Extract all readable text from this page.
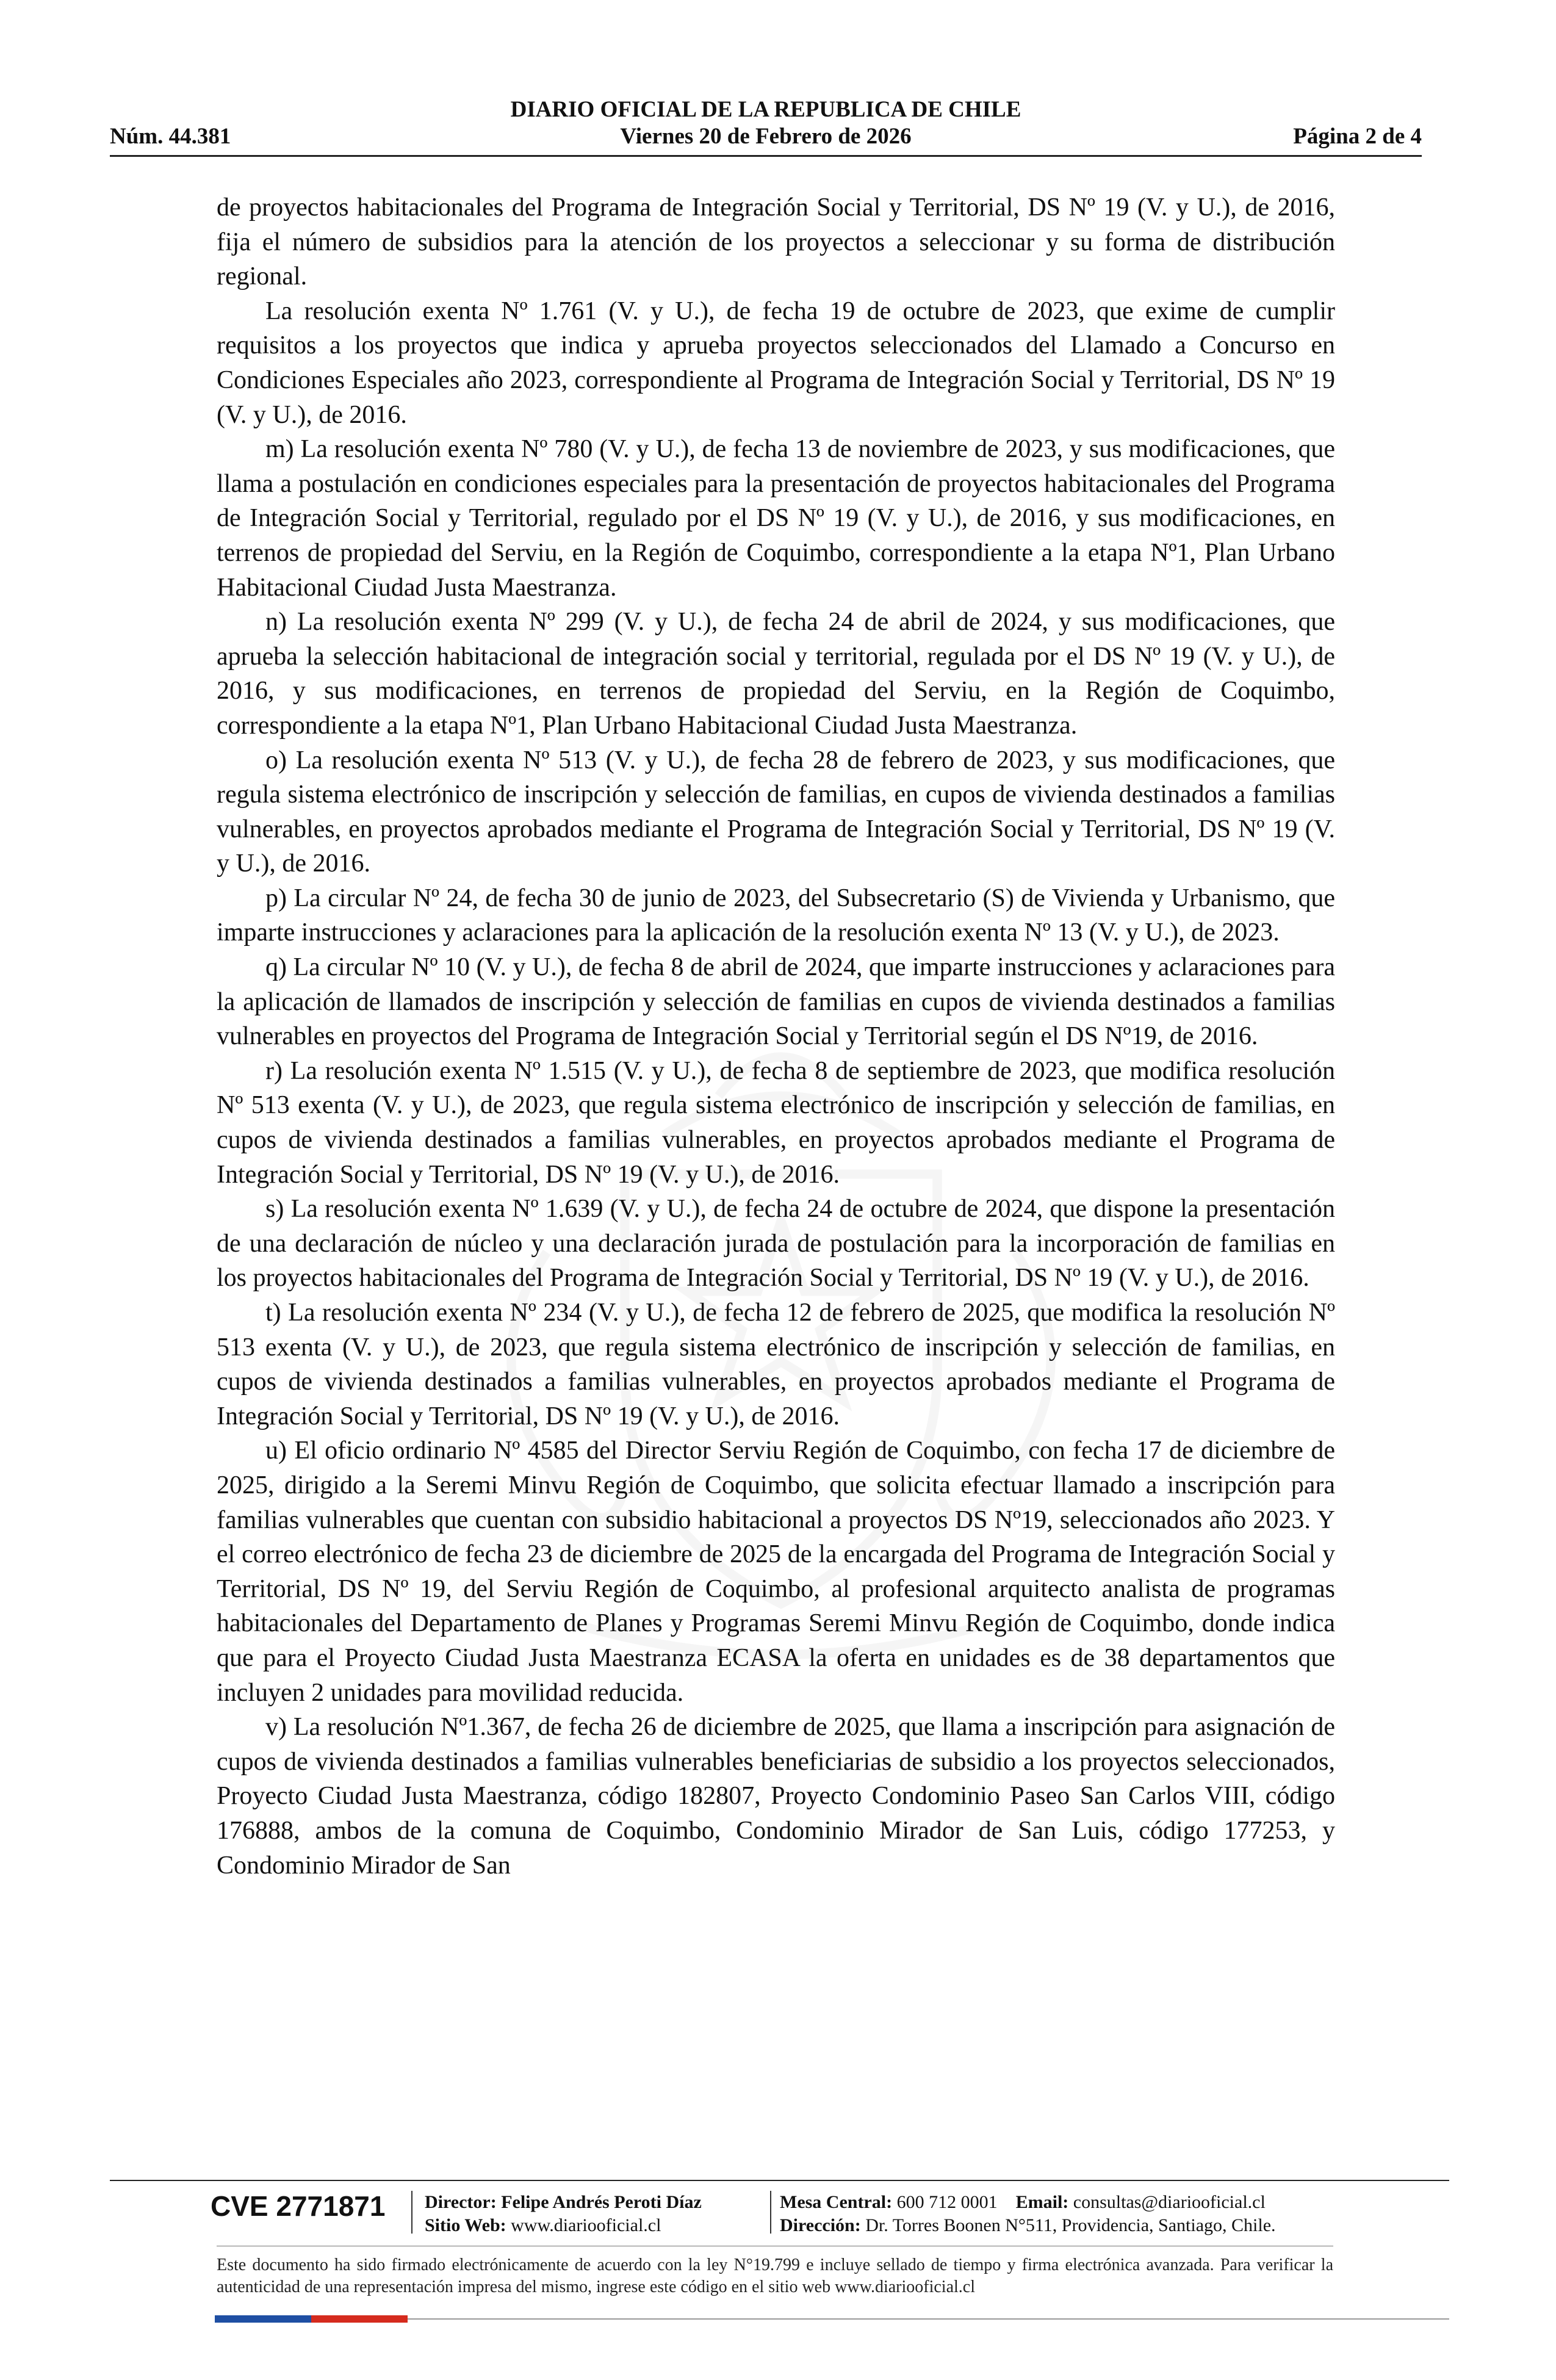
DIARIO OFICIAL DE LA REPUBLICA DE CHILE
Núm. 44.381	Viernes 20 de Febrero de 2026	Página 2 de 4

de proyectos habitacionales del Programa de Integración Social y Territorial, DS Nº 19 (V. y U.), de 2016, fija el número de subsidios para la atención de los proyectos a seleccionar y su forma de distribución regional.

La resolución exenta Nº 1.761 (V. y U.), de fecha 19 de octubre de 2023, que exime de cumplir requisitos a los proyectos que indica y aprueba proyectos seleccionados del Llamado a Concurso en Condiciones Especiales año 2023, correspondiente al Programa de Integración Social y Territorial, DS Nº 19 (V. y U.), de 2016.

m) La resolución exenta Nº 780 (V. y U.), de fecha 13 de noviembre de 2023, y sus modificaciones, que llama a postulación en condiciones especiales para la presentación de proyectos habitacionales del Programa de Integración Social y Territorial, regulado por el DS Nº 19 (V. y U.), de 2016, y sus modificaciones, en terrenos de propiedad del Serviu, en la Región de Coquimbo, correspondiente a la etapa Nº1, Plan Urbano Habitacional Ciudad Justa Maestranza.

n) La resolución exenta Nº 299 (V. y U.), de fecha 24 de abril de 2024, y sus modificaciones, que aprueba la selección habitacional de integración social y territorial, regulada por el DS Nº 19 (V. y U.), de 2016, y sus modificaciones, en terrenos de propiedad del Serviu, en la Región de Coquimbo, correspondiente a la etapa Nº1, Plan Urbano Habitacional Ciudad Justa Maestranza.

o) La resolución exenta Nº 513 (V. y U.), de fecha 28 de febrero de 2023, y sus modificaciones, que regula sistema electrónico de inscripción y selección de familias, en cupos de vivienda destinados a familias vulnerables, en proyectos aprobados mediante el Programa de Integración Social y Territorial, DS Nº 19 (V. y U.), de 2016.

p) La circular Nº 24, de fecha 30 de junio de 2023, del Subsecretario (S) de Vivienda y Urbanismo, que imparte instrucciones y aclaraciones para la aplicación de la resolución exenta Nº 13 (V. y U.), de 2023.

q) La circular Nº 10 (V. y U.), de fecha 8 de abril de 2024, que imparte instrucciones y aclaraciones para la aplicación de llamados de inscripción y selección de familias en cupos de vivienda destinados a familias vulnerables en proyectos del Programa de Integración Social y Territorial según el DS Nº19, de 2016.

r) La resolución exenta Nº 1.515 (V. y U.), de fecha 8 de septiembre de 2023, que modifica resolución Nº 513 exenta (V. y U.), de 2023, que regula sistema electrónico de inscripción y selección de familias, en cupos de vivienda destinados a familias vulnerables, en proyectos aprobados mediante el Programa de Integración Social y Territorial, DS Nº 19 (V. y U.), de 2016.

s) La resolución exenta Nº 1.639 (V. y U.), de fecha 24 de octubre de 2024, que dispone la presentación de una declaración de núcleo y una declaración jurada de postulación para la incorporación de familias en los proyectos habitacionales del Programa de Integración Social y Territorial, DS Nº 19 (V. y U.), de 2016.

t) La resolución exenta Nº 234 (V. y U.), de fecha 12 de febrero de 2025, que modifica la resolución Nº 513 exenta (V. y U.), de 2023, que regula sistema electrónico de inscripción y selección de familias, en cupos de vivienda destinados a familias vulnerables, en proyectos aprobados mediante el Programa de Integración Social y Territorial, DS Nº 19 (V. y U.), de 2016.

u) El oficio ordinario Nº 4585 del Director Serviu Región de Coquimbo, con fecha 17 de diciembre de 2025, dirigido a la Seremi Minvu Región de Coquimbo, que solicita efectuar llamado a inscripción para familias vulnerables que cuentan con subsidio habitacional a proyectos DS Nº19, seleccionados año 2023. Y el correo electrónico de fecha 23 de diciembre de 2025 de la encargada del Programa de Integración Social y Territorial, DS Nº 19, del Serviu Región de Coquimbo, al profesional arquitecto analista de programas habitacionales del Departamento de Planes y Programas Seremi Minvu Región de Coquimbo, donde indica que para el Proyecto Ciudad Justa Maestranza ECASA la oferta en unidades es de 38 departamentos que incluyen 2 unidades para movilidad reducida.

v) La resolución Nº1.367, de fecha 26 de diciembre de 2025, que llama a inscripción para asignación de cupos de vivienda destinados a familias vulnerables beneficiarias de subsidio a los proyectos seleccionados, Proyecto Ciudad Justa Maestranza, código 182807, Proyecto Condominio Paseo San Carlos VIII, código 176888, ambos de la comuna de Coquimbo, Condominio Mirador de San Luis, código 177253, y Condominio Mirador de San

CVE 2771871 Director: Felipe Andrés Peroti Díaz
Sitio Web: www.diariooficial.cl
Mesa Central: 600 712 0001 Email: consultas@diariooficial.cl
Dirección: Dr. Torres Boonen N°511, Providencia, Santiago, Chile.
Este documento ha sido firmado electrónicamente de acuerdo con la ley N°19.799 e incluye sellado de tiempo y firma electrónica avanzada. Para verificar la autenticidad de una representación impresa del mismo, ingrese este código en el sitio web www.diariooficial.cl
